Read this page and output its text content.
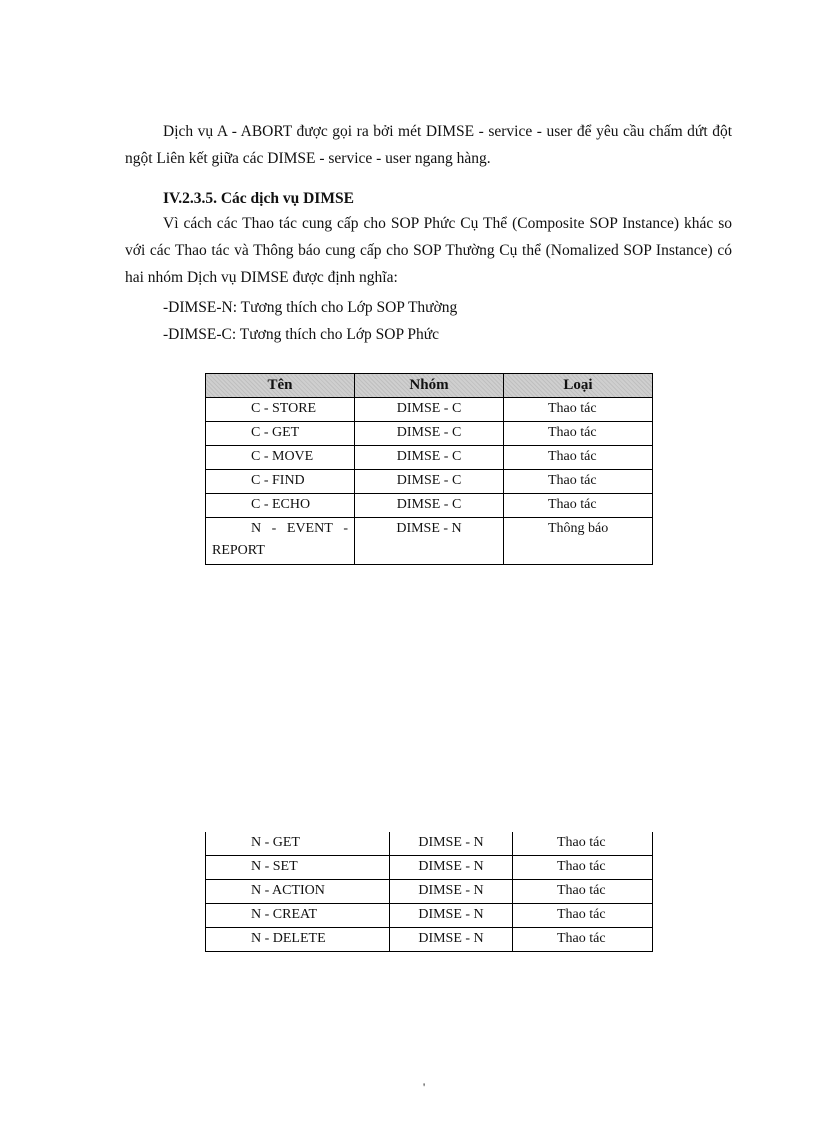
Dịch vụ A - ABORT được gọi ra bởi mét DIMSE - service - user để yêu cầu chấm dứt đột ngột Liên kết giữa các DIMSE - service - user ngang hàng.
IV.2.3.5. Các dịch vụ DIMSE
Vì cách các Thao tác cung cấp cho SOP Phức Cụ Thể (Composite SOP Instance) khác so với các Thao tác và Thông báo cung cấp cho SOP Thường Cụ thể (Nomalized SOP Instance) có hai nhóm Dịch vụ DIMSE được định nghĩa:
-DIMSE-N: Tương thích cho Lớp SOP Thường
-DIMSE-C: Tương thích cho Lớp SOP Phức
Tên	Nhóm	Loại
C - STORE	DIMSE - C	Thao tác
C - GET	DIMSE - C	Thao tác
C - MOVE	DIMSE - C	Thao tác
C - FIND	DIMSE - C	Thao tác
C - ECHO	DIMSE - C	Thao tác

N - EVENT -
REPORT	DIMSE - N	Thông báo
N - GET	DIMSE - N	Thao tác
N - SET	DIMSE - N	Thao tác
N - ACTION	DIMSE - N	Thao tác
N - CREAT	DIMSE - N	Thao tác
N - DELETE	DIMSE - N	Thao tác
'
